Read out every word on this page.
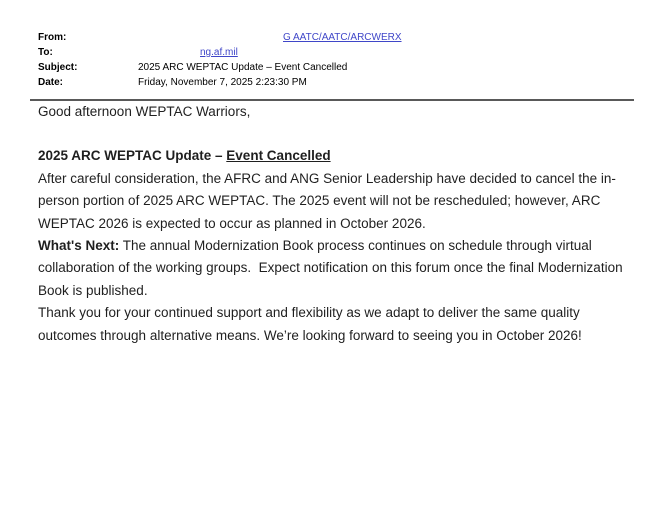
From:	G AATC/AATC/ARCWERX
To:	ng.af.mil
Subject:	2025 ARC WEPTAC Update – Event Cancelled
Date:	Friday, November 7, 2025 2:23:30 PM

Good afternoon WEPTAC Warriors,

2025 ARC WEPTAC Update – Event Cancelled

After careful consideration, the AFRC and ANG Senior Leadership have decided to cancel the in-person portion of 2025 ARC WEPTAC. The 2025 event will not be rescheduled; however, ARC WEPTAC 2026 is expected to occur as planned in October 2026.

What's Next: The annual Modernization Book process continues on schedule through virtual collaboration of the working groups.  Expect notification on this forum once the final Modernization Book is published.

Thank you for your continued support and flexibility as we adapt to deliver the same quality outcomes through alternative means. We’re looking forward to seeing you in October 2026!
